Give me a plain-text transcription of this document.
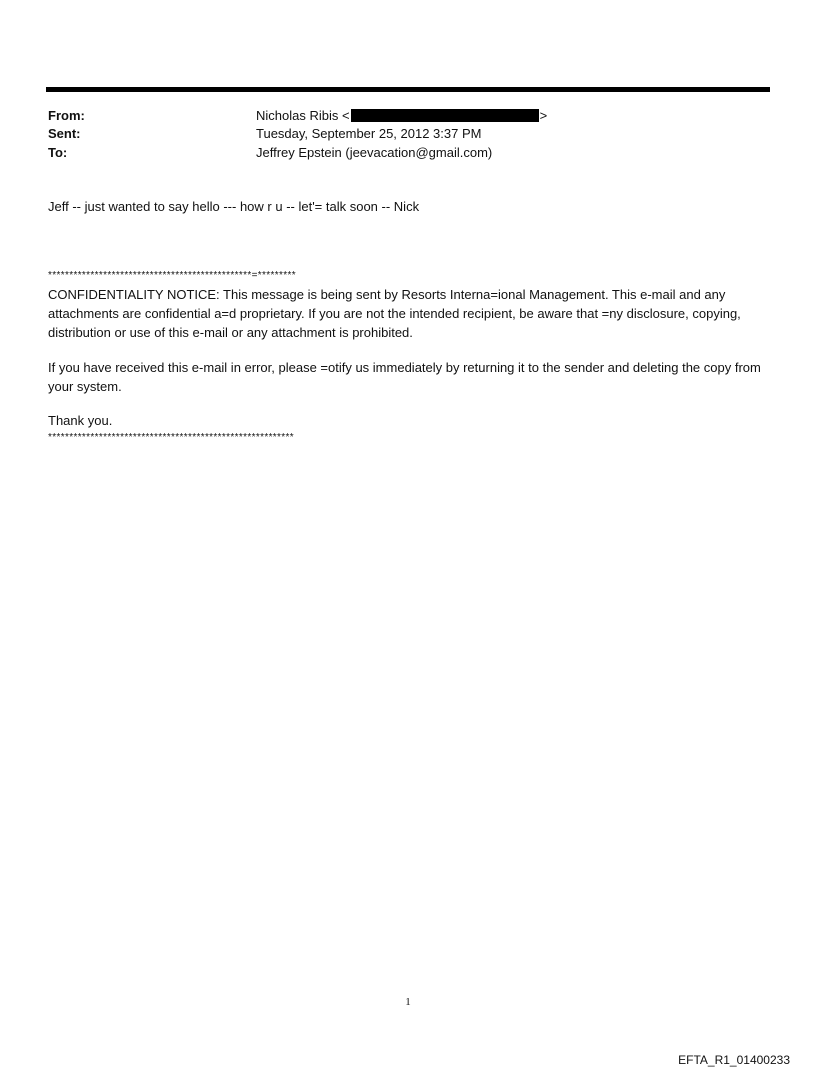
From:	Nicholas Ribis <	>
Sent:	Tuesday, September 25, 2012 3:37 PM
To:	Jeffrey Epstein (jeevacation@gmail.com)
Jeff -- just wanted to say hello --- how r u -- let'= talk soon -- Nick
************************************************=*********
CONFIDENTIALITY NOTICE: This message is being sent by Resorts Interna=ional Management. This e-mail and any attachments are confidential a=d proprietary. If you are not the intended recipient, be aware that =ny disclosure, copying, distribution or use of this e-mail or any attachment is prohibited.
If you have received this e-mail in error, please =otify us immediately by returning it to the sender and deleting the copy from your system.
Thank you.
**********************************************************
1
EFTA_R1_01400233
